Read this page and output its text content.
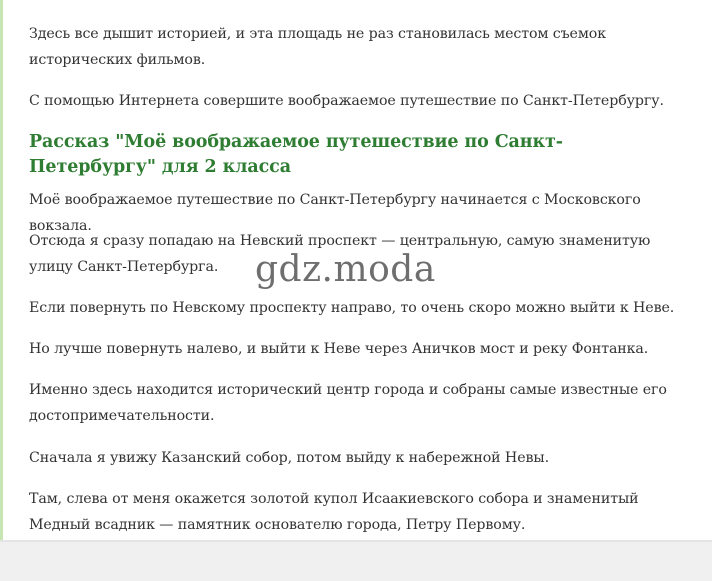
Здесь все дышит историей, и эта площадь не раз становилась местом съемок исторических фильмов.

С помощью Интернета совершите воображаемое путешествие по Санкт-Петербургу.

Рассказ "Моё воображаемое путешествие по Санкт-Петербургу" для 2 класса

Моё воображаемое путешествие по Санкт-Петербургу начинается с Московского вокзала.

Отсюда я сразу попадаю на Невский проспект — центральную, самую знаменитую улицу Санкт-Петербурга.

Если повернуть по Невскому проспекту направо, то очень скоро можно выйти к Неве.

Но лучше повернуть налево, и выйти к Неве через Аничков мост и реку Фонтанка.

Именно здесь находится исторический центр города и собраны самые известные его достопримечательности.

Сначала я увижу Казанский собор, потом выйду к набережной Невы.

Там, слева от меня окажется золотой купол Исаакиевского собора и знаменитый Медный всадник — памятник основателю города, Петру Первому.

gdz.moda
